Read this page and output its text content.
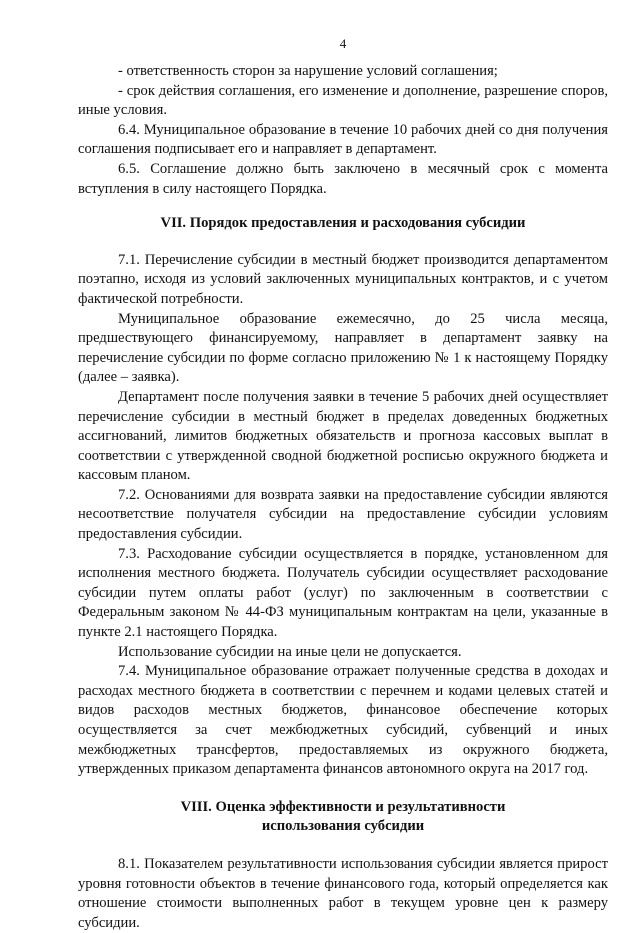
4

- ответственность сторон за нарушение условий соглашения;

- срок действия соглашения, его изменение и дополнение, разрешение споров, иные условия.

6.4. Муниципальное образование в течение 10 рабочих дней со дня получения соглашения подписывает его и направляет в департамент.

6.5. Соглашение должно быть заключено в месячный срок с момента вступления в силу настоящего Порядка.

VII. Порядок предоставления и расходования субсидии

7.1. Перечисление субсидии в местный бюджет производится департаментом поэтапно, исходя из условий заключенных муниципальных контрактов, и с учетом фактической потребности.

Муниципальное образование ежемесячно, до 25 числа месяца, предшествующего финансируемому, направляет в департамент заявку на перечисление субсидии по форме согласно приложению № 1 к настоящему Порядку (далее – заявка).

Департамент после получения заявки в течение 5 рабочих дней осуществляет перечисление субсидии в местный бюджет в пределах доведенных бюджетных ассигнований, лимитов бюджетных обязательств и прогноза кассовых выплат в соответствии с утвержденной сводной бюджетной росписью окружного бюджета и кассовым планом.

7.2. Основаниями для возврата заявки на предоставление субсидии являются несоответствие получателя субсидии на предоставление субсидии условиям предоставления субсидии.

7.3. Расходование субсидии осуществляется в порядке, установленном для исполнения местного бюджета. Получатель субсидии осуществляет расходование субсидии путем оплаты работ (услуг) по заключенным в соответствии с Федеральным законом № 44-ФЗ муниципальным контрактам на цели, указанные в пункте 2.1 настоящего Порядка.

Использование субсидии на иные цели не допускается.

7.4. Муниципальное образование отражает полученные средства в доходах и расходах местного бюджета в соответствии с перечнем и кодами целевых статей и видов расходов местных бюджетов, финансовое обеспечение которых осуществляется за счет межбюджетных субсидий, субвенций и иных межбюджетных трансфертов, предоставляемых из окружного бюджета, утвержденных приказом департамента финансов автономного округа на 2017 год.

VIII. Оценка эффективности и результативности
использования субсидии

8.1. Показателем результативности использования субсидии является прирост уровня готовности объектов в течение финансового года, который определяется как отношение стоимости выполненных работ в текущем уровне цен к размеру субсидии.
